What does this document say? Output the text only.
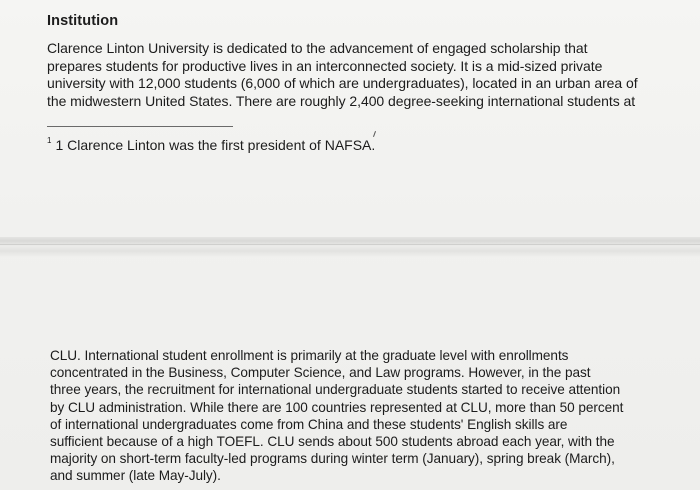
Institution
Clarence Linton University is dedicated to the advancement of engaged scholarship that
prepares students for productive lives in an interconnected society. It is a mid-sized private
university with 12,000 students (6,000 of which are undergraduates), located in an urban area of
the midwestern United States. There are roughly 2,400 degree-seeking international students at
$^1$ 1 Clarence Linton was the first president of NAFSA.
CLU. International student enrollment is primarily at the graduate level with enrollments
concentrated in the Business, Computer Science, and Law programs. However, in the past
three years, the recruitment for international undergraduate students started to receive attention
by CLU administration. While there are 100 countries represented at CLU, more than 50 percent
of international undergraduates come from China and these students' English skills are
sufficient because of a high TOEFL. CLU sends about 500 students abroad each year, with the
majority on short-term faculty-led programs during winter term (January), spring break (March),
and summer (late May-July).
